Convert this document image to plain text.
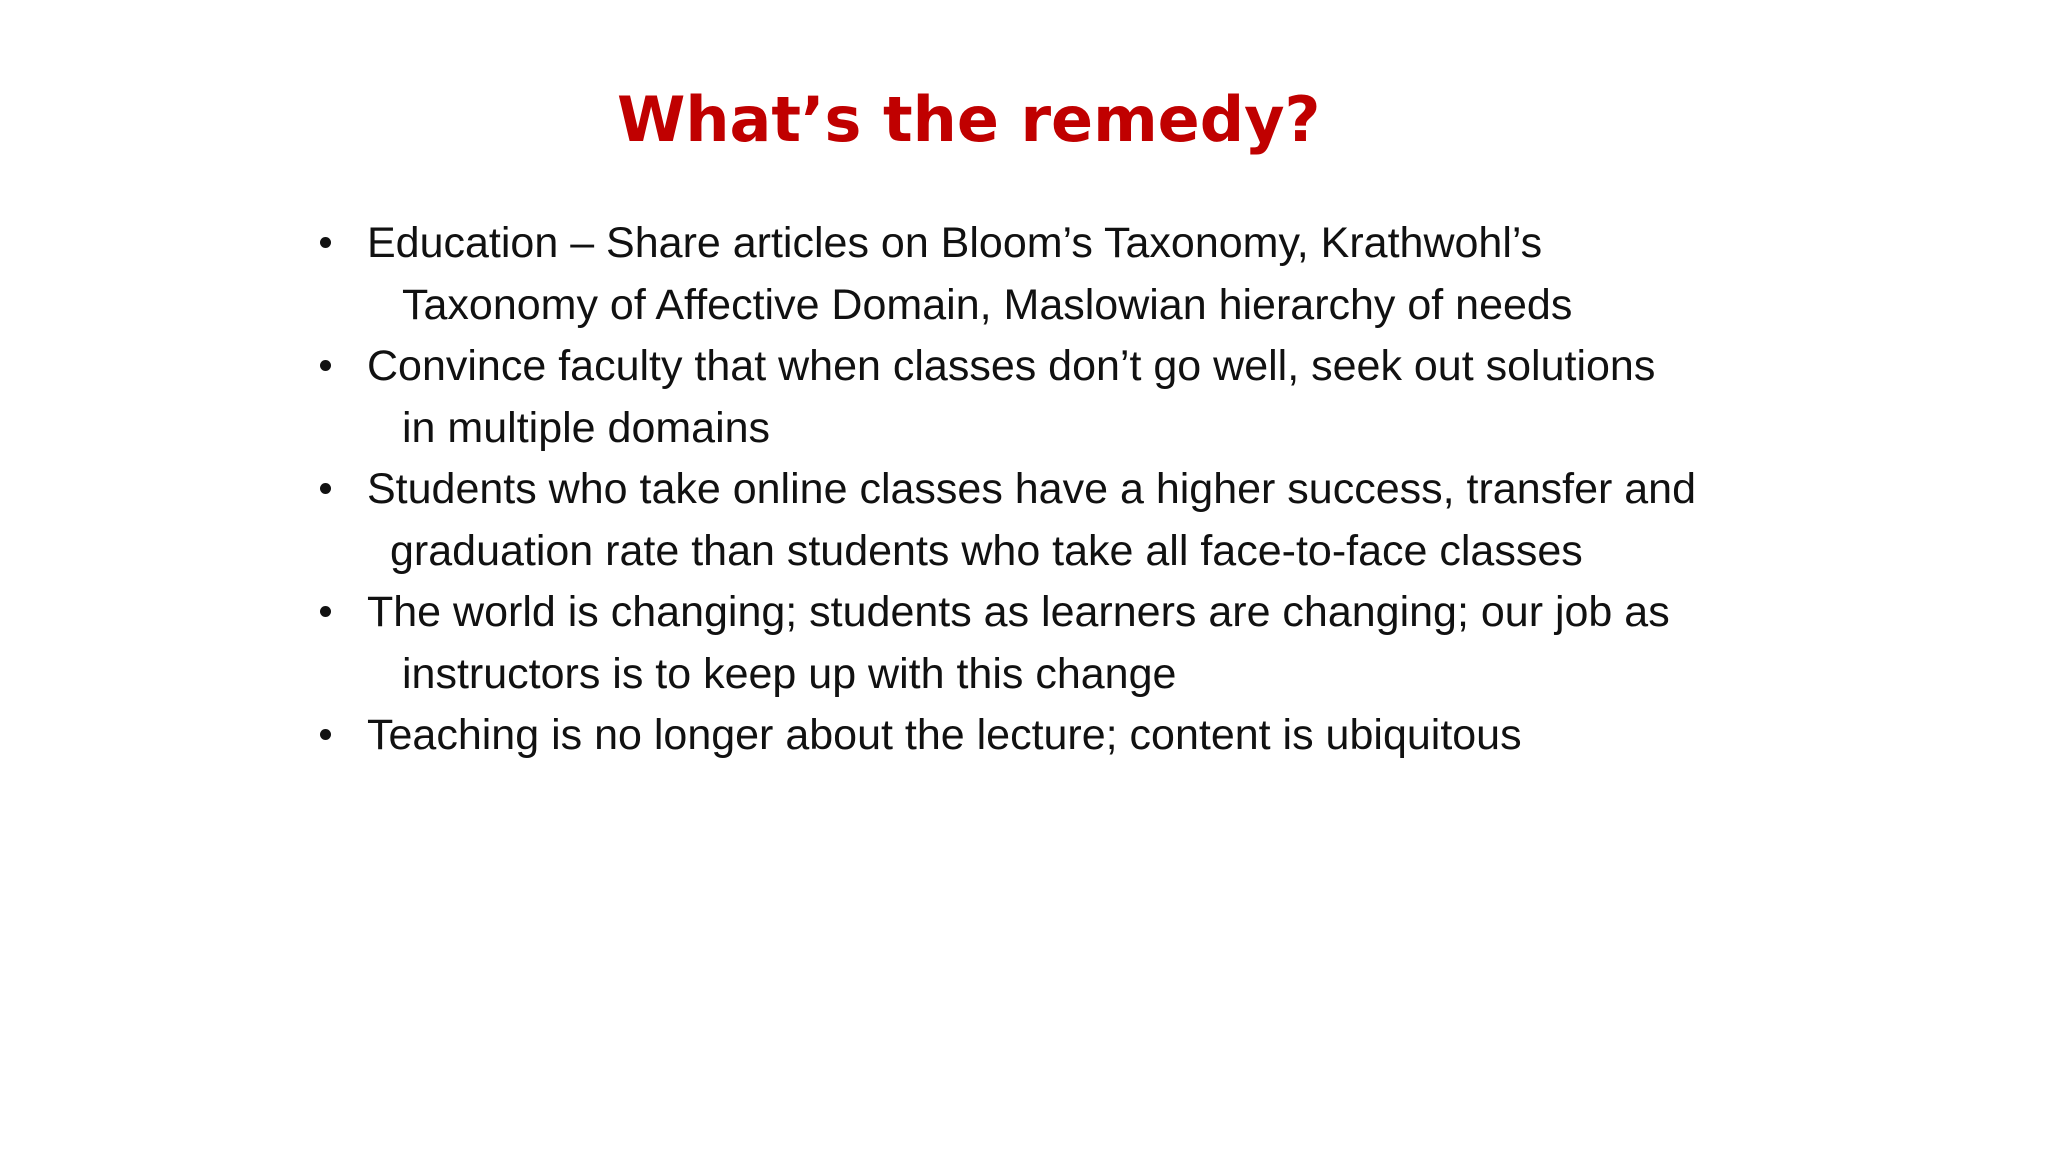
What’s the remedy?
Education – Share articles on Bloom’s Taxonomy, Krathwohl’s
Taxonomy of Affective Domain, Maslowian hierarchy of needs
Convince faculty that when classes don’t go well, seek out solutions
in multiple domains
Students who take online classes have a higher success, transfer and
graduation rate than students who take all face-to-face classes
The world is changing; students as learners are changing; our job as
instructors is to keep up with this change
Teaching is no longer about the lecture; content is ubiquitous
